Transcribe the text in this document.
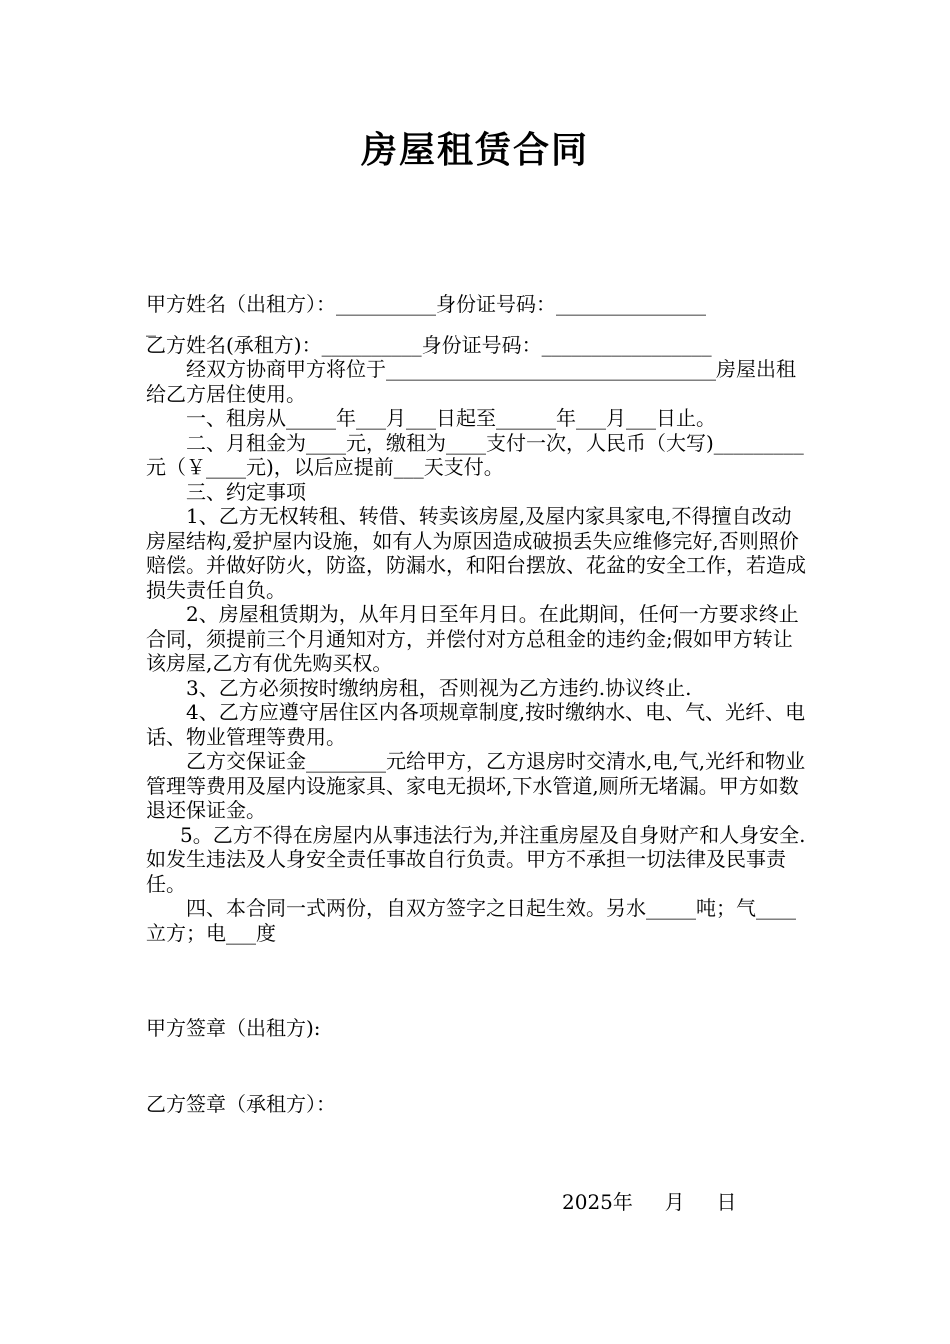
房屋租赁合同

甲方姓名（出租方）：__________身份证号码：_______________

_

乙方姓名(承租方)：__________身份证号码：_________________

经双方协商甲方将位于_________________________________房屋出租给乙方居住使用。

一、租房从_____年___月___日起至______年___月___日止。

二、月租金为____元，缴租为____支付一次，人民币（大写)_________元（￥____元)，以后应提前___天支付。

三、约定事项

1、乙方无权转租、转借、转卖该房屋,及屋内家具家电,不得擅自改动房屋结构,爱护屋内设施，如有人为原因造成破损丢失应维修完好,否则照价赔偿。并做好防火，防盗，防漏水，和阳台摆放、花盆的安全工作，若造成损失责任自负。

2、房屋租赁期为，从年月日至年月日。在此期间，任何一方要求终止合同，须提前三个月通知对方，并偿付对方总租金的违约金;假如甲方转让该房屋,乙方有优先购买权。

3、乙方必须按时缴纳房租，否则视为乙方违约.协议终止.

4、乙方应遵守居住区内各项规章制度,按时缴纳水、电、气、光纤、电话、物业管理等费用。

乙方交保证金________元给甲方，乙方退房时交清水,电,气,光纤和物业管理等费用及屋内设施家具、家电无损坏,下水管道,厕所无堵漏。甲方如数退还保证金。

5。乙方不得在房屋内从事违法行为,并注重房屋及自身财产和人身安全.如发生违法及人身安全责任事故自行负责。甲方不承担一切法律及民事责任。

四、本合同一式两份，自双方签字之日起生效。另水_____吨；气____立方；电___度

甲方签章（出租方):
乙方签章（承租方）：
2025年     月     日
